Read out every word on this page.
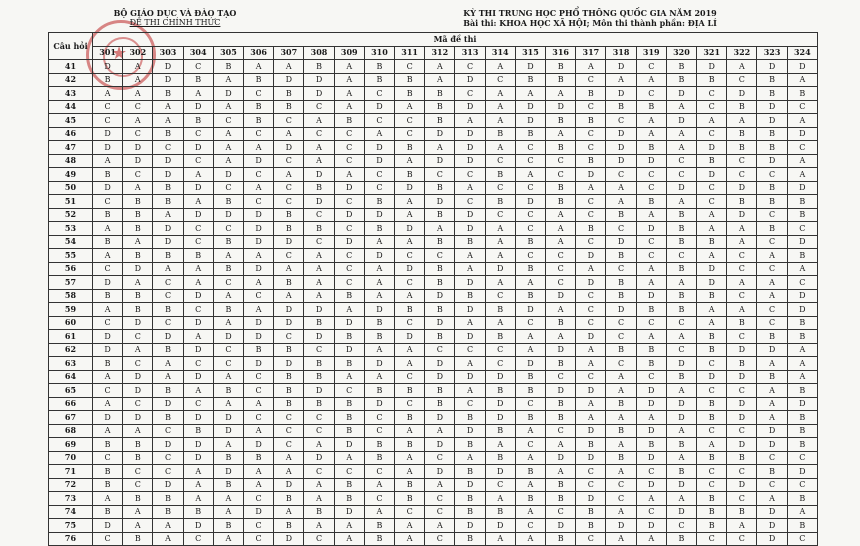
★
BỘ GIÁO DỤC VÀ ĐÀO TẠO
ĐỀ THI CHÍNH THỨC
KỲ THI TRUNG HỌC PHỔ THÔNG QUỐC GIA NĂM 2019
Bài thi: KHOA HỌC XÃ HỘI; Môn thi thành phần: ĐỊA LÍ
Câu hỏi	Mã đề thi																							
	301	302	303	304	305	306	307	308	309	310	311	312	313	314	315	316	317	318	319	320	321	322	323	324
41	D	A	D	C	B	A	A	B	A	B	C	A	C	A	D	B	A	D	C	B	D	A	D	D
42	B	A	D	B	A	B	D	D	A	B	B	A	D	C	B	B	C	A	A	B	B	C	B	A
43	A	A	B	A	D	C	B	D	A	C	B	B	C	A	A	A	B	D	C	D	C	D	B	B
44	C	C	A	D	A	B	B	C	A	D	A	B	D	A	D	D	C	B	B	A	C	B	D	C
45	C	A	A	B	C	B	C	A	B	C	C	B	A	A	D	B	B	C	A	D	A	A	D	A
46	D	C	B	C	A	C	A	C	C	A	C	D	D	B	B	A	C	D	A	A	C	B	B	D
47	D	D	C	D	A	A	D	A	C	D	B	A	D	A	C	B	C	D	B	A	D	B	B	C
48	A	D	D	C	A	D	C	A	C	D	A	D	D	C	C	C	B	D	D	C	B	C	D	A
49	B	C	D	A	D	C	A	D	A	C	B	C	C	B	A	C	D	C	C	C	D	C	C	A
50	D	A	B	D	C	A	C	B	D	C	D	B	A	C	C	B	A	A	C	D	C	D	B	D
51	C	B	B	A	B	C	C	D	C	B	A	D	C	B	D	B	C	A	B	A	C	B	B	B
52	B	B	A	D	D	D	B	C	D	D	A	B	D	C	C	A	C	B	A	B	A	D	C	B
53	A	B	D	C	C	D	B	B	C	B	D	A	D	A	C	A	B	C	D	B	A	A	B	C
54	B	A	D	C	B	D	D	C	D	A	A	B	B	A	B	A	C	D	C	B	B	A	C	D
55	A	B	B	B	A	A	C	A	C	D	C	C	A	A	C	C	D	B	C	C	A	C	A	B
56	C	D	A	A	B	D	A	A	C	A	D	B	A	D	B	C	A	C	A	B	D	C	C	A
57	D	A	C	A	C	A	B	A	C	A	C	B	D	A	A	C	D	B	A	A	D	A	A	C
58	B	B	C	D	A	C	A	A	B	A	A	D	B	C	B	D	C	B	D	B	B	C	A	D
59	A	B	B	C	B	A	D	D	A	D	B	B	D	B	D	A	C	D	B	B	A	A	C	D
60	C	D	C	D	A	D	D	B	D	B	C	D	A	A	C	B	C	C	C	C	A	B	C	B
61	D	C	D	A	D	D	C	D	B	B	D	B	D	B	A	A	D	C	A	A	B	C	B	B
62	D	A	B	D	C	B	B	C	D	A	A	C	C	C	A	D	A	B	B	C	B	D	D	A
63	B	C	A	C	C	D	D	B	B	D	A	D	A	C	D	B	A	C	B	D	C	B	A	A
64	A	D	A	D	A	C	B	B	A	A	C	D	D	D	B	C	C	A	C	B	D	D	B	A
65	C	D	B	A	B	C	B	D	C	B	B	B	A	B	B	D	D	A	D	A	C	C	A	B
66	A	C	D	C	A	A	B	B	B	D	C	B	C	D	C	B	A	B	D	D	B	D	A	D
67	D	D	B	D	D	C	C	C	B	C	B	D	B	D	B	B	A	A	A	D	B	D	A	B
68	A	A	C	B	D	A	C	C	B	C	A	A	D	B	A	C	D	B	D	A	C	C	D	B
69	B	B	D	D	A	D	C	A	D	B	B	D	B	A	C	A	B	A	B	B	A	D	D	B
70	C	B	C	D	B	B	A	D	A	B	A	C	A	B	A	D	D	B	D	A	B	B	C	C
71	B	C	C	A	D	A	A	C	C	C	A	D	B	D	B	A	C	A	C	B	C	C	B	D
72	B	C	D	A	B	A	D	A	B	A	B	A	D	C	A	B	C	C	D	D	C	D	C	C
73	A	B	B	A	A	C	B	A	B	C	B	C	B	A	B	B	D	C	A	A	B	C	A	B
74	B	A	B	B	A	D	A	B	D	A	C	C	B	B	A	C	B	A	C	D	B	B	D	A
75	D	A	A	D	B	C	B	A	A	B	A	A	D	D	C	D	B	D	D	C	B	A	D	B
76	C	B	A	C	A	C	D	C	A	B	A	C	B	A	A	B	C	A	A	B	C	C	D	C
